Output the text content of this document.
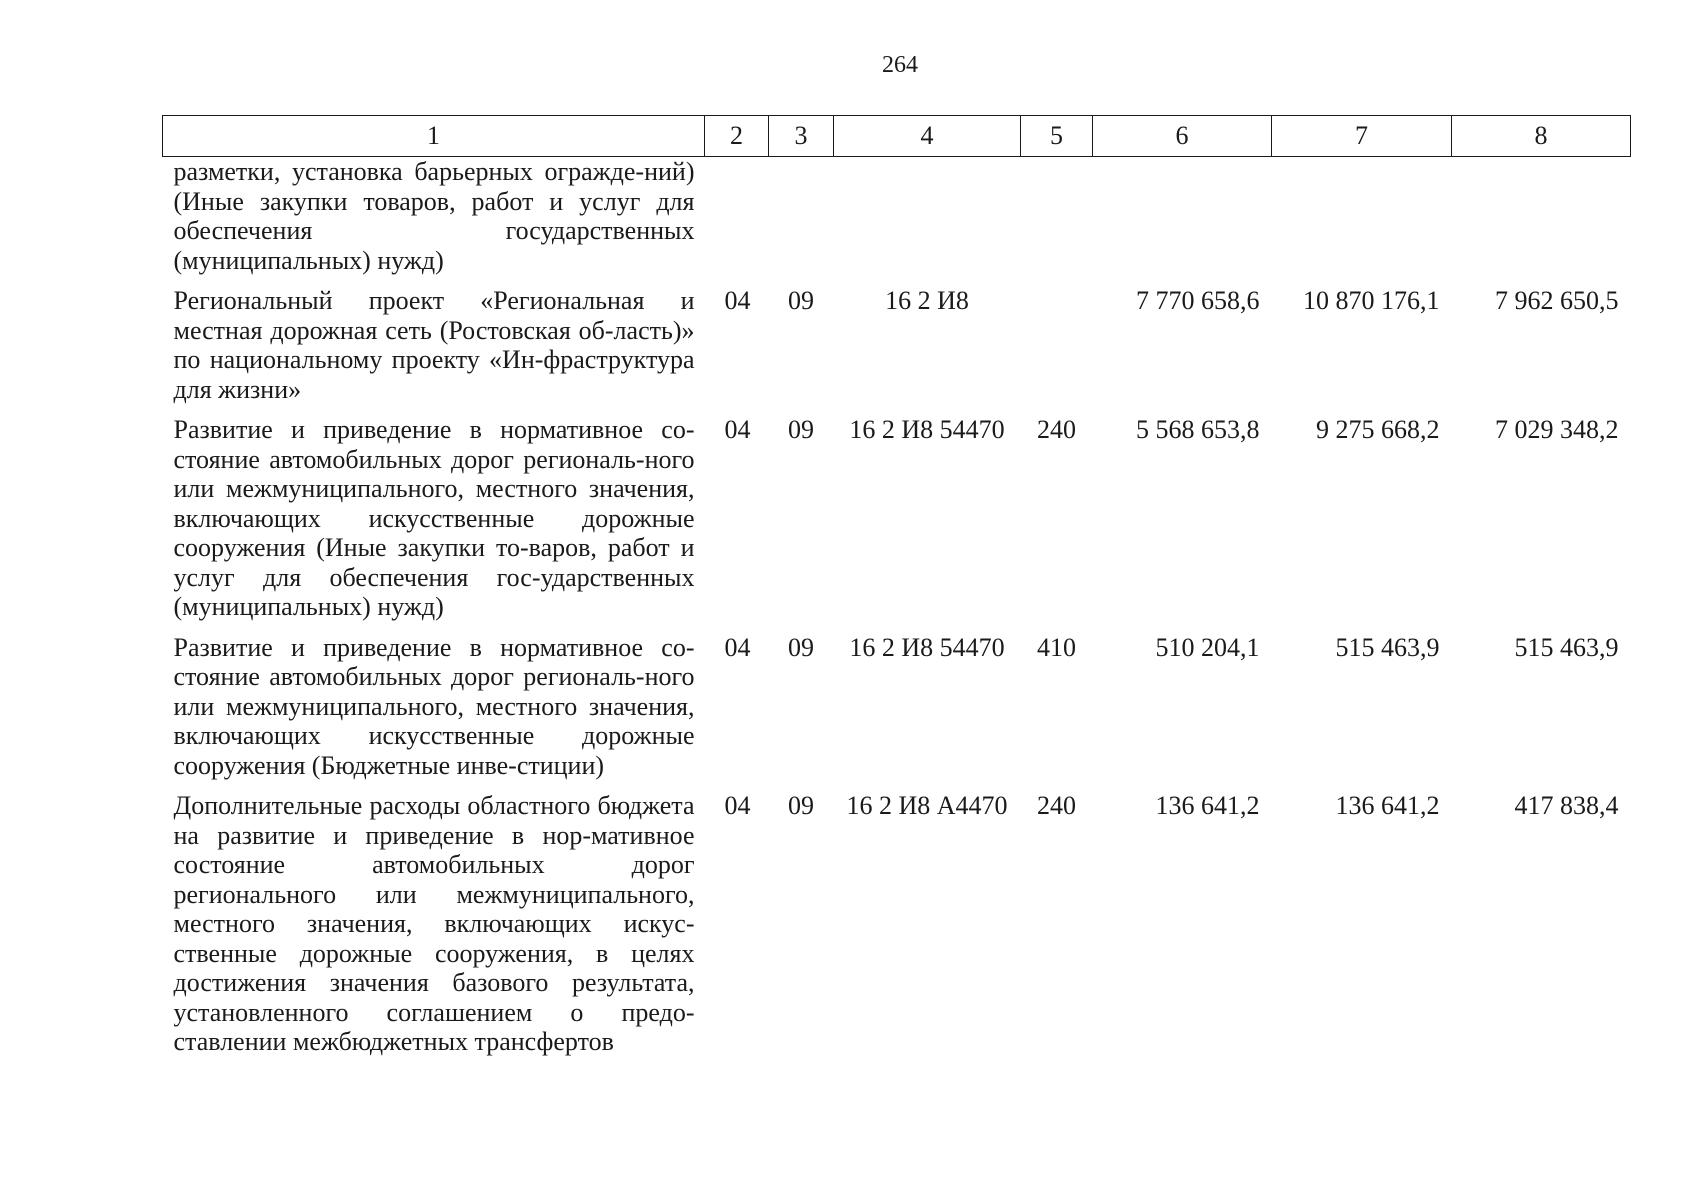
264
1	2	3	4	5	6	7	8
разметки, установка барьерных огражде-ний) (Иные закупки товаров, работ и услуг для обеспечения государственных (муниципальных) нужд)							
Региональный проект «Региональная и местная дорожная сеть (Ростовская об-ласть)» по национальному проекту «Ин-фраструктура для жизни»	04	09	16 2 И8		7 770 658,6	10 870 176,1	7 962 650,5
Развитие и приведение в нормативное со-стояние автомобильных дорог региональ-ного или межмуниципального, местного значения, включающих искусственные дорожные сооружения (Иные закупки то-варов, работ и услуг для обеспечения гос-ударственных (муниципальных) нужд)	04	09	16 2 И8 54470	240	5 568 653,8	9 275 668,2	7 029 348,2
Развитие и приведение в нормативное со-стояние автомобильных дорог региональ-ного или межмуниципального, местного значения, включающих искусственные дорожные сооружения (Бюджетные инве-стиции)	04	09	16 2 И8 54470	410	510 204,1	515 463,9	515 463,9
Дополнительные расходы областного бюджета на развитие и приведение в нор-мативное состояние автомобильных дорог регионального или межмуниципального, местного значения, включающих искус-ственные дорожные сооружения, в целях достижения значения базового результата, установленного соглашением о предо-ставлении межбюджетных трансфертов	04	09	16 2 И8 А4470	240	136 641,2	136 641,2	417 838,4
